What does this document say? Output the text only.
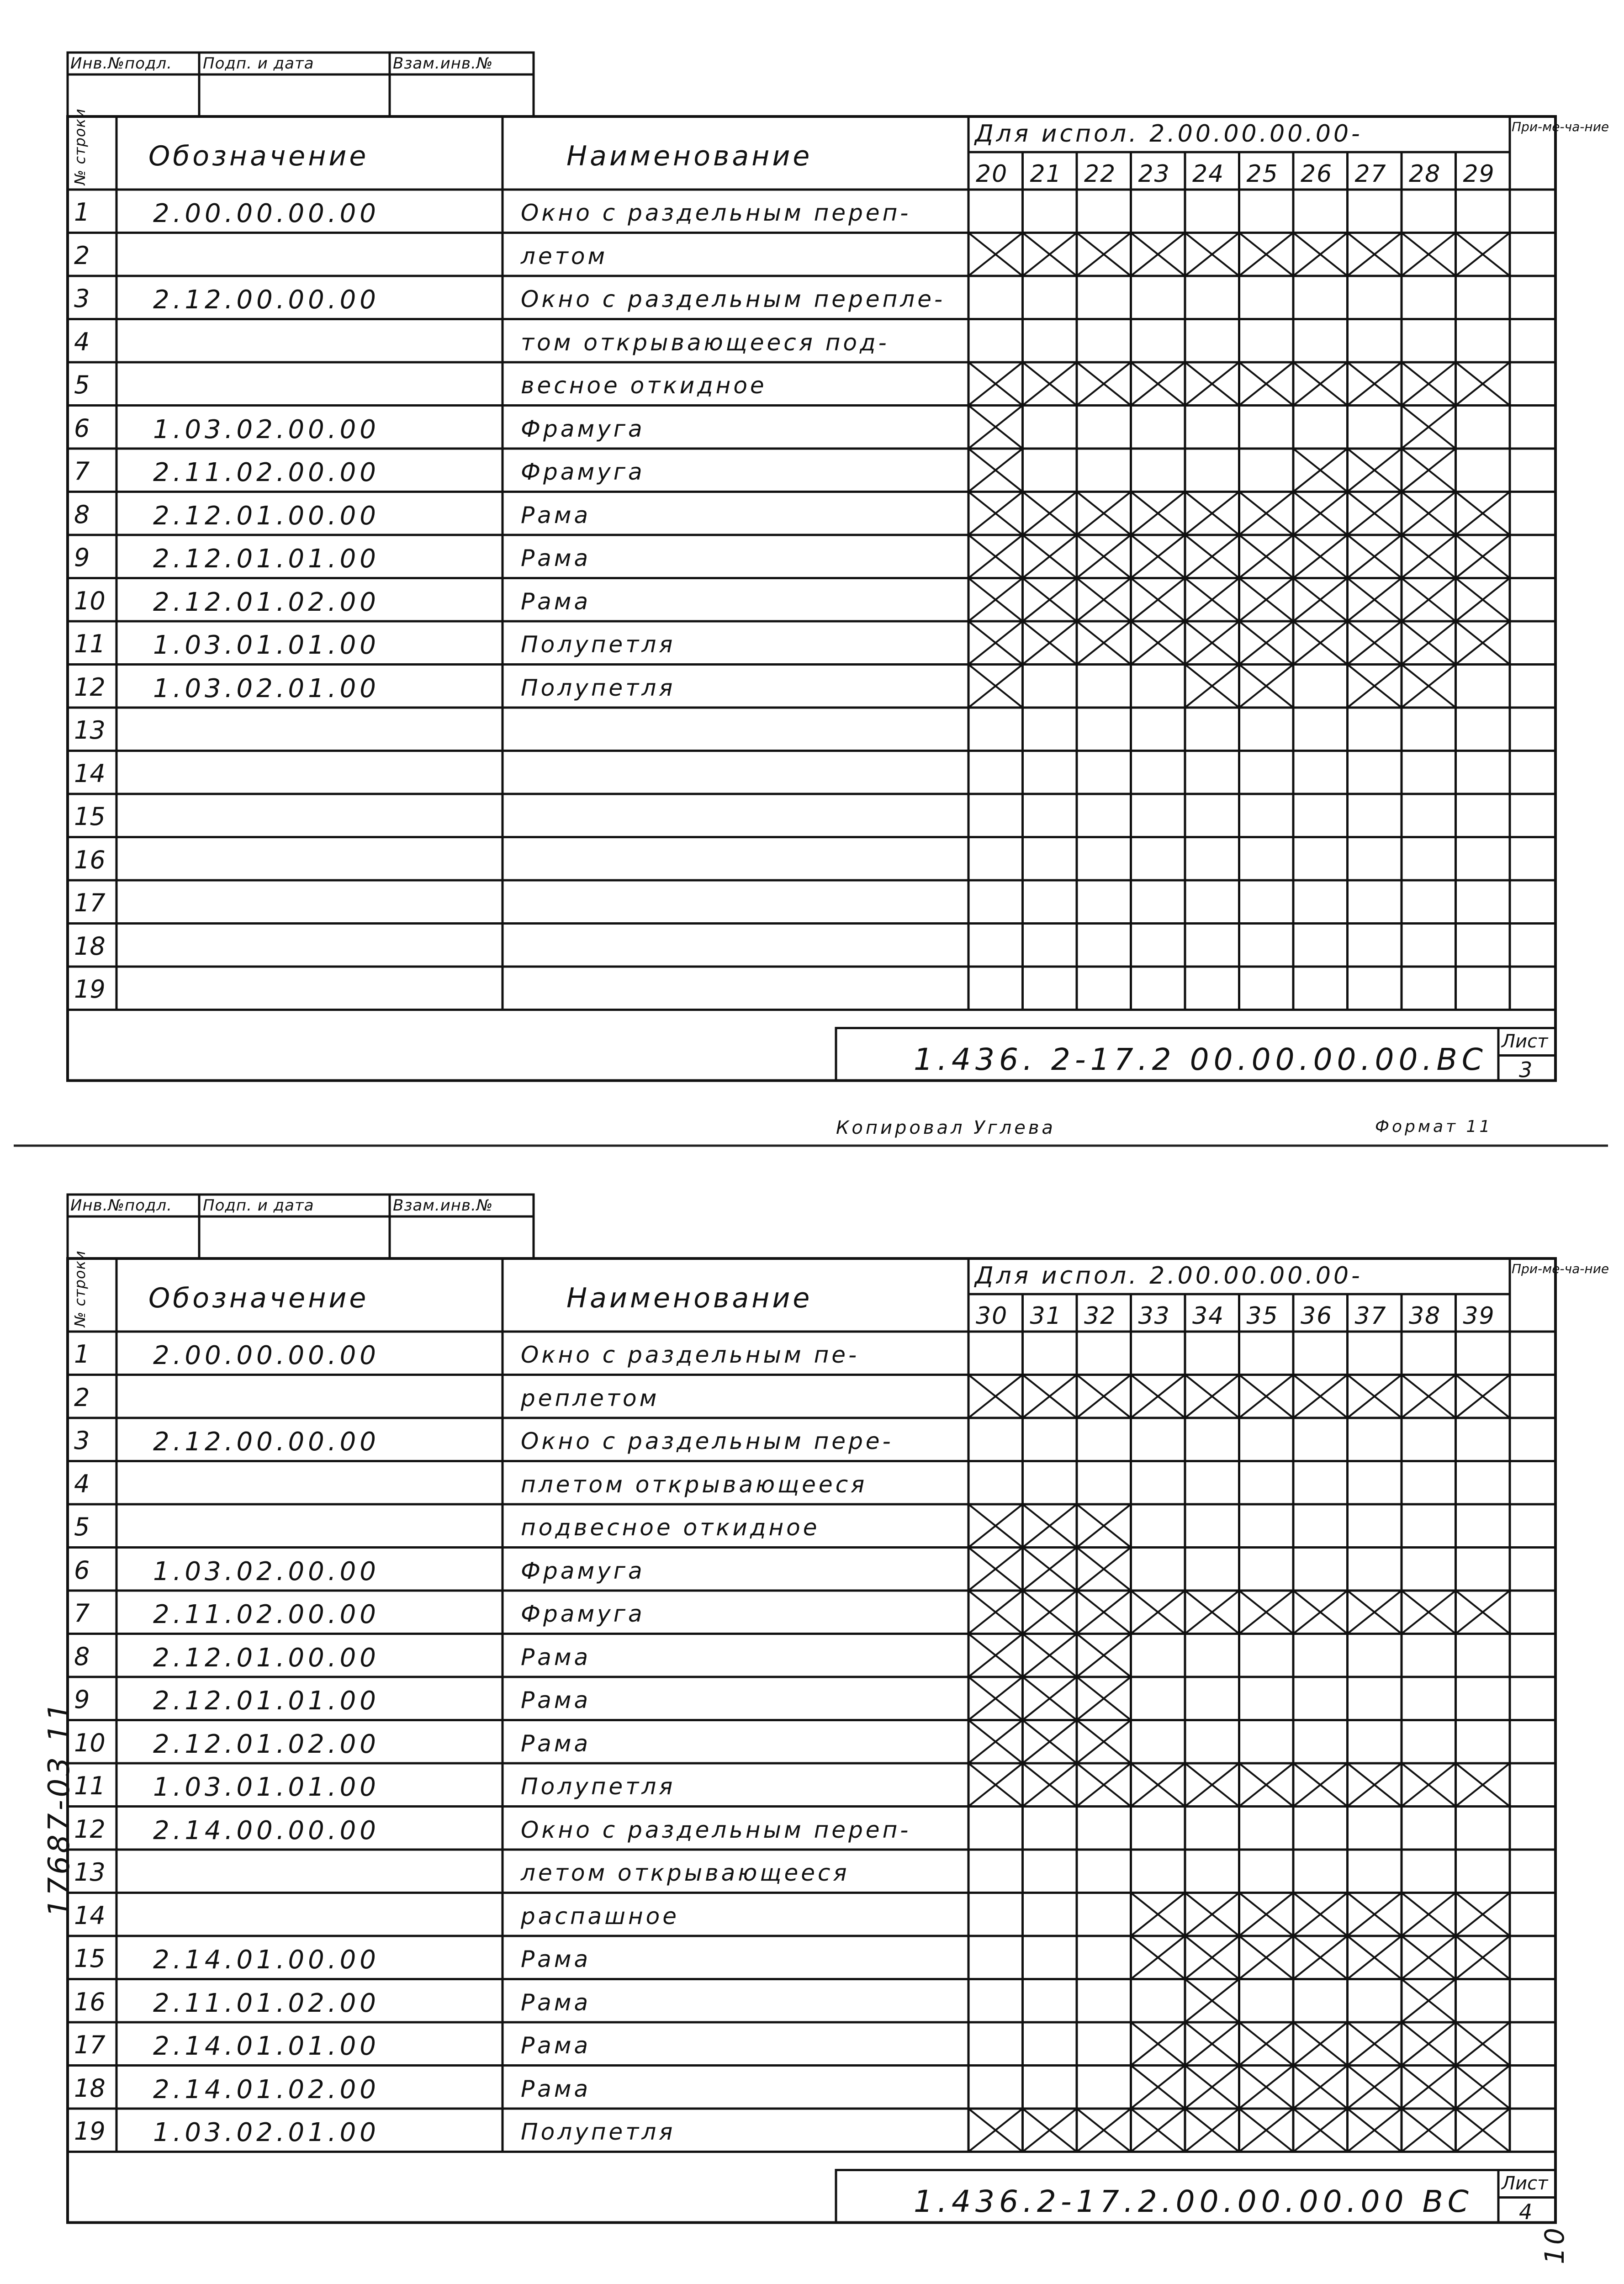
Инв.№подл. Подп. и дата	Взам.инв.№
№ строки Обозначение	Наименование
Для испол. 2.00.00.00.00-	При-ме-ча-ние
20 21 22 23 24 25 26 27 28 29
1 2.00.00.00.00	Окно с раздельным переп-
2	летом
3 2.12.00.00.00	Окно с раздельным переплe-
4	том открывающееся под-
5	весное откидное
6 1.03.02.00.00	Фрамуга
7 2.11.02.00.00	Фрамуга
8 2.12.01.00.00	Рама
9 2.12.01.01.00	Рама
10 2.12.01.02.00	Рама
11 1.03.01.01.00	Полупетля
12 1.03.02.01.00	Полупетля
13
14
15
16
17
18
19
1.436. 2-17.2 00.00.00.00.ВС
Лист
3
Копировал Углева	Формат 11
Инв.№подл. Подп. и дата	Взам.инв.№
№ строки Обозначение	Наименование
Для испол. 2.00.00.00.00-	При-ме-ча-ние
30 31 32 33 34 35 36 37 38 39
1 2.00.00.00.00	Окно с раздельным пе-
2	реплетом
3 2.12.00.00.00	Окно с раздельным пере-
4	плетом открывающееся
5	подвесное откидное
6 1.03.02.00.00	Фрамуга
7 2.11.02.00.00	Фрамуга
8 2.12.01.00.00	Рама
9 2.12.01.01.00	Рама
10 2.12.01.02.00	Рама
11 1.03.01.01.00	Полупетля
12 2.14.00.00.00	Окно с раздельным переп-
13	летом открывающееся
14	распашное
15 2.14.01.00.00	Рама
16 2.11.01.02.00	Рама
17 2.14.01.01.00	Рама
18 2.14.01.02.00	Рама
19 1.03.02.01.00	Полупетля
1.436.2-17.2.00.00.00.00 ВС
Лист
4
17687-03 11
10
